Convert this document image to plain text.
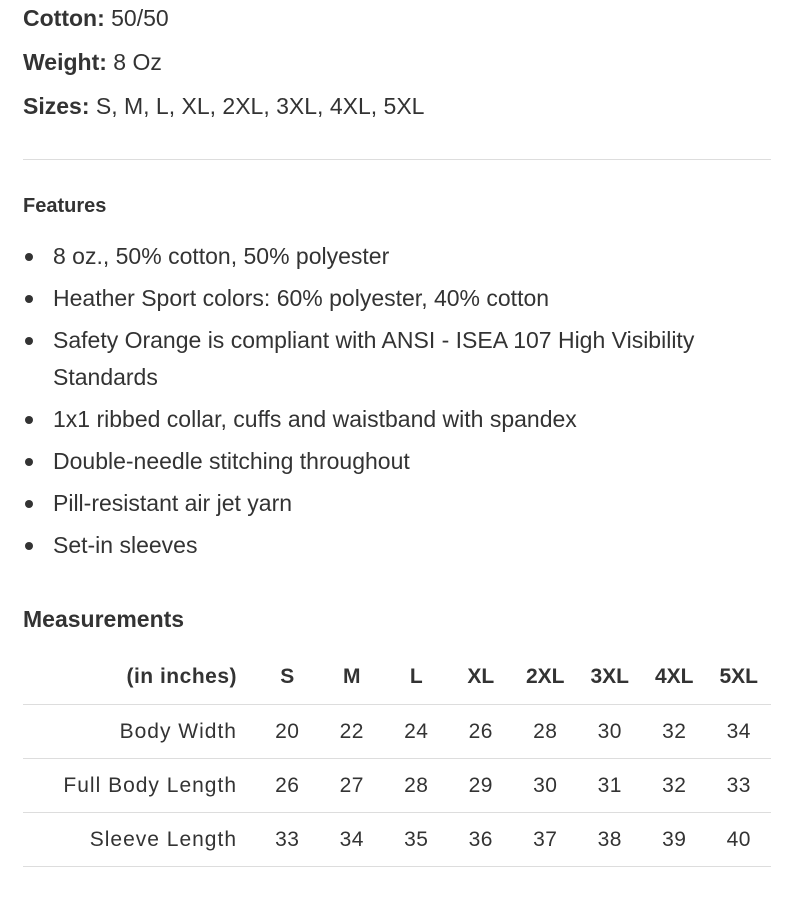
Cotton: 50/50
Weight: 8 Oz
Sizes: S, M, L, XL, 2XL, 3XL, 4XL, 5XL
Features
8 oz., 50% cotton, 50% polyester
Heather Sport colors: 60% polyester, 40% cotton
Safety Orange is compliant with ANSI - ISEA 107 High Visibility Standards
1x1 ribbed collar, cuffs and waistband with spandex
Double-needle stitching throughout
Pill-resistant air jet yarn
Set-in sleeves
Measurements
(in inches)	S	M	L	XL	2XL	3XL	4XL	5XL
Body Width	20	22	24	26	28	30	32	34
Full Body Length	26	27	28	29	30	31	32	33
Sleeve Length	33	34	35	36	37	38	39	40
